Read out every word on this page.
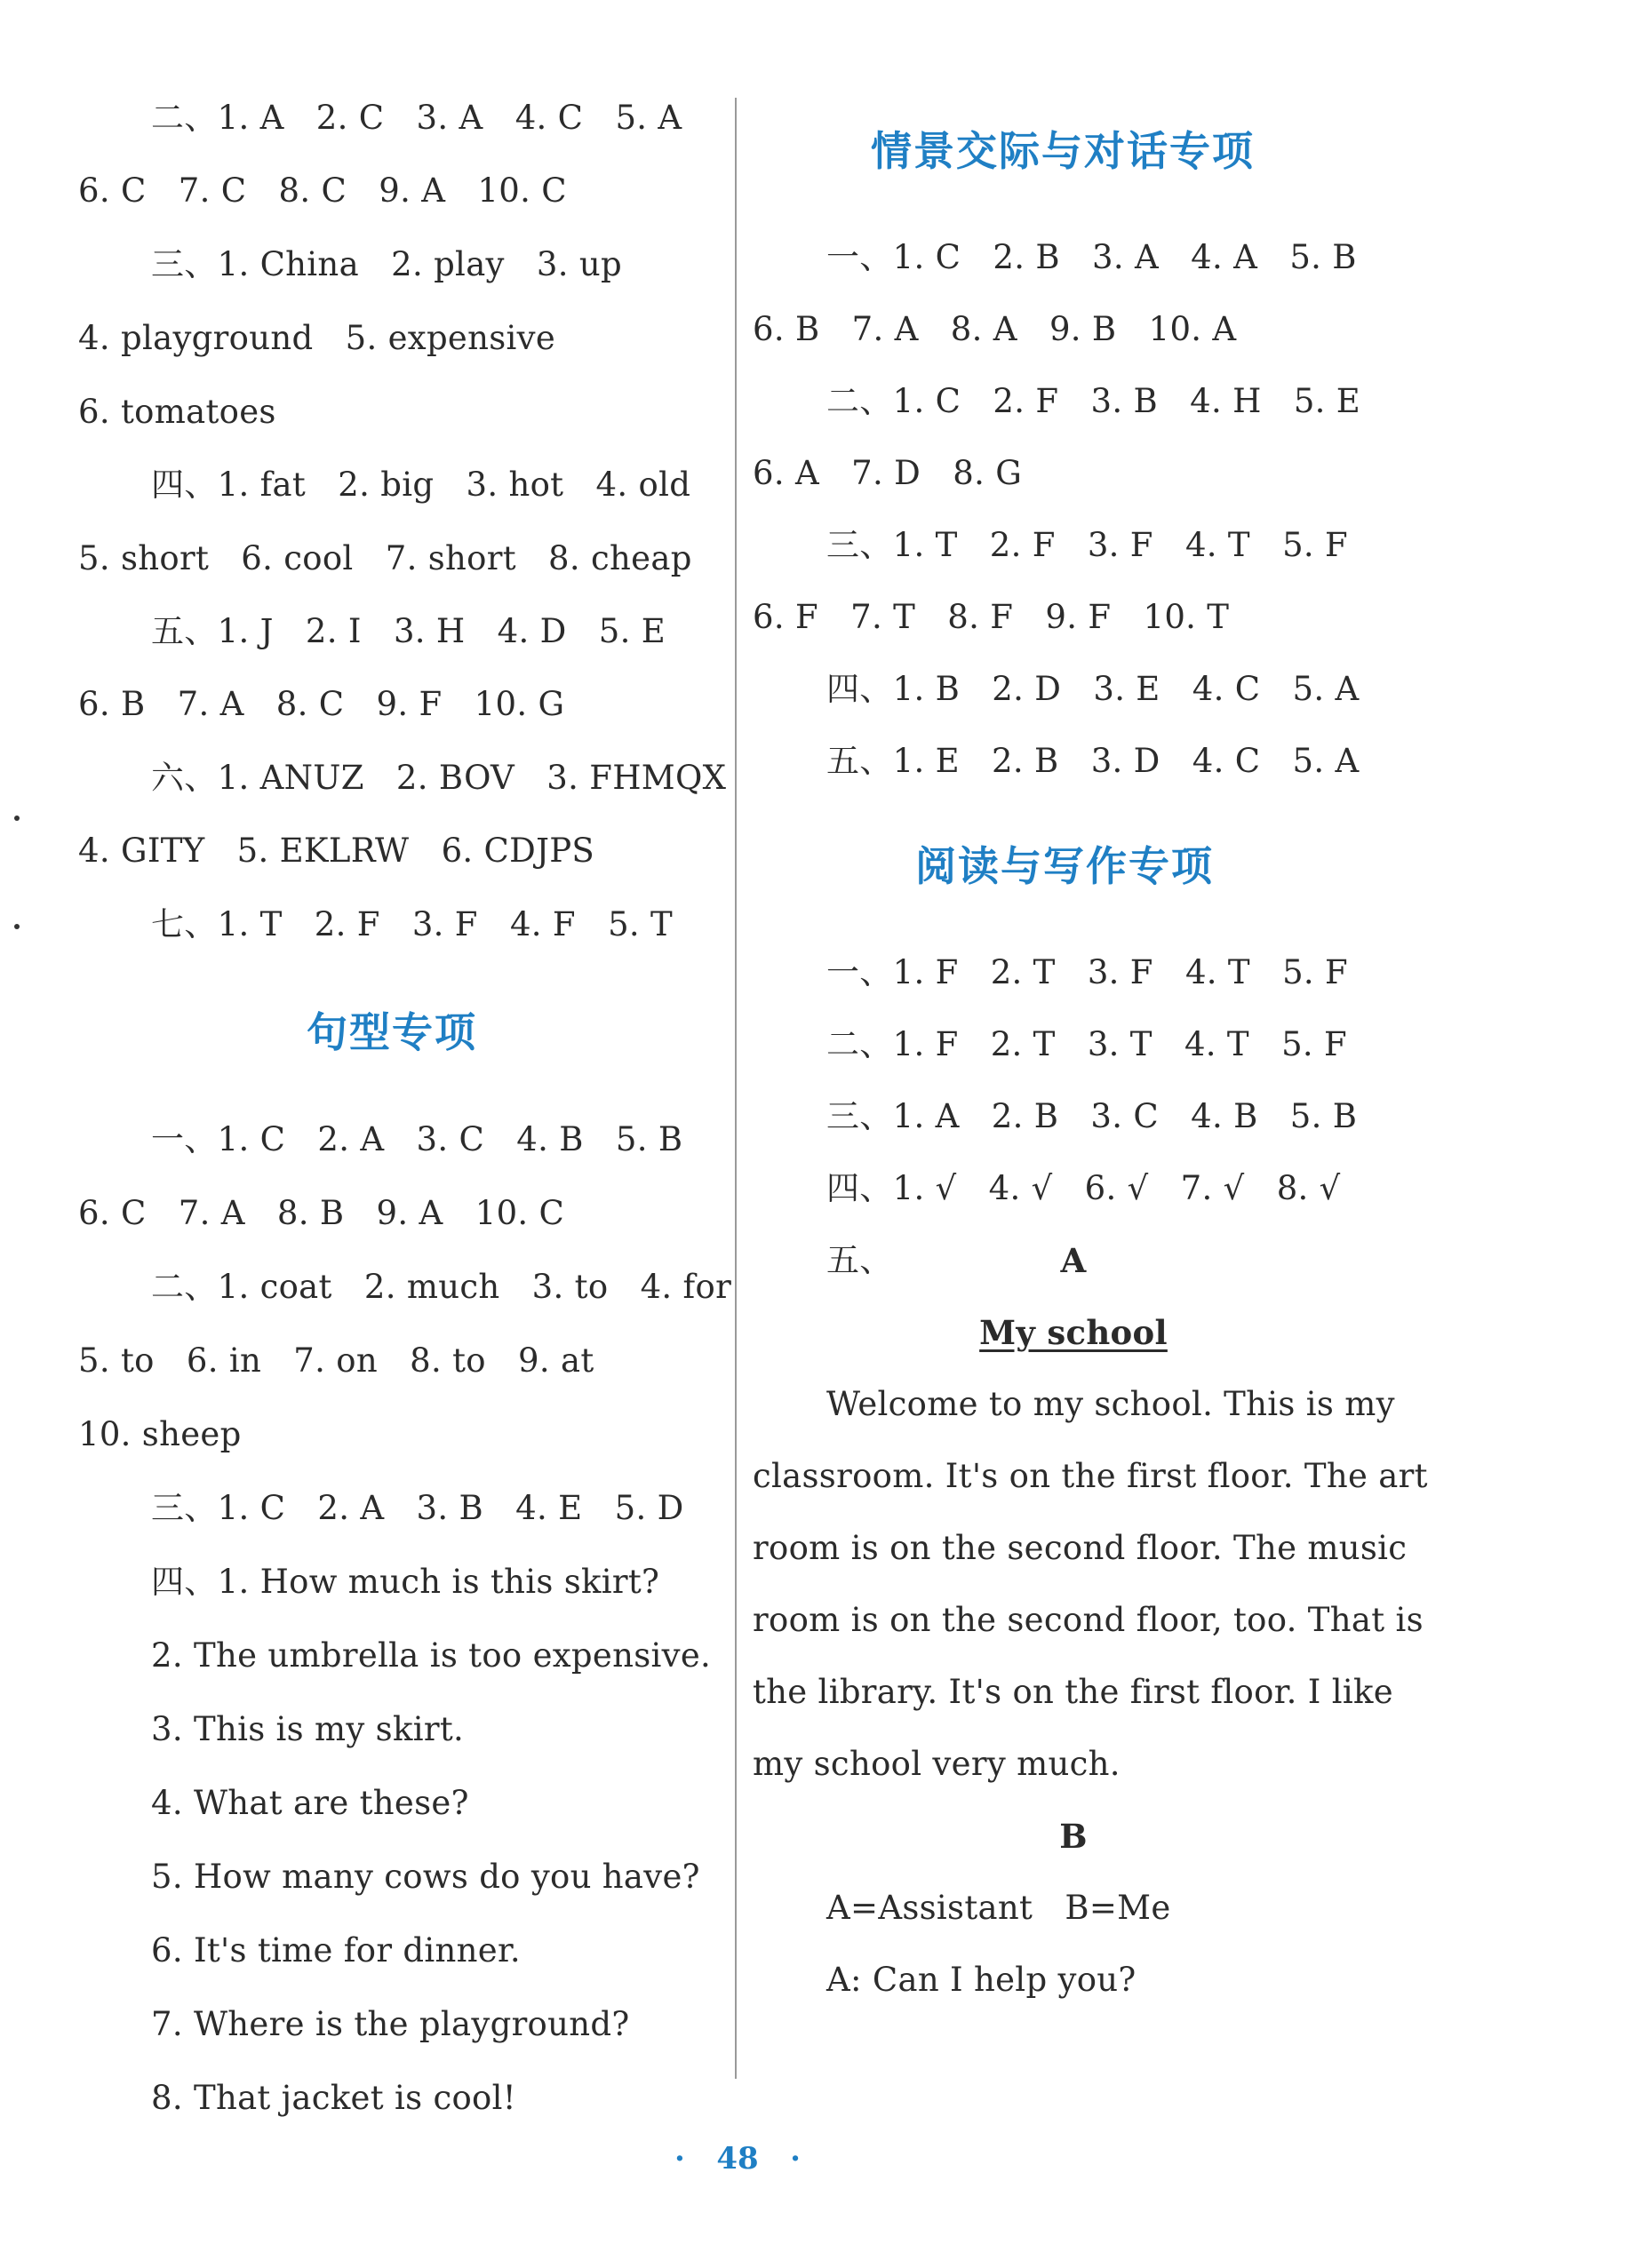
二、1. A   2. C   3. A   4. C   5. A
6. C   7. C   8. C   9. A   10. C
三、1. China   2. play   3. up
4. playground   5. expensive
6. tomatoes
四、1. fat   2. big   3. hot   4. old
5. short   6. cool   7. short   8. cheap
五、1. J   2. I   3. H   4. D   5. E
6. B   7. A   8. C   9. F   10. G
六、1. ANUZ   2. BOV   3. FHMQX
4. GITY   5. EKLRW   6. CDJPS
七、1. T   2. F   3. F   4. F   5. T
句型专项
一、1. C   2. A   3. C   4. B   5. B
6. C   7. A   8. B   9. A   10. C
二、1. coat   2. much   3. to   4. for
5. to   6. in   7. on   8. to   9. at
10. sheep
三、1. C   2. A   3. B   4. E   5. D
四、1. How much is this skirt?
2. The umbrella is too expensive.
3. This is my skirt.
4. What are these?
5. How many cows do you have?
6. It's time for dinner.
7. Where is the playground?
8. That jacket is cool!
情景交际与对话专项
一、1. C   2. B   3. A   4. A   5. B
6. B   7. A   8. A   9. B   10. A
二、1. C   2. F   3. B   4. H   5. E
6. A   7. D   8. G
三、1. T   2. F   3. F   4. T   5. F
6. F   7. T   8. F   9. F   10. T
四、1. B   2. D   3. E   4. C   5. A
五、1. E   2. B   3. D   4. C   5. A
阅读与写作专项
一、1. F   2. T   3. F   4. T   5. F
二、1. F   2. T   3. T   4. T   5. F
三、1. A   2. B   3. C   4. B   5. B
四、1. √   4. √   6. √   7. √   8. √
五、	A
My school
Welcome to my school. This is my
classroom. It's on the first floor. The art
room is on the second floor. The music
room is on the second floor, too. That is
the library. It's on the first floor. I like
my school very much.
B
A=Assistant   B=Me
A: Can I help you?
· 48 ·
